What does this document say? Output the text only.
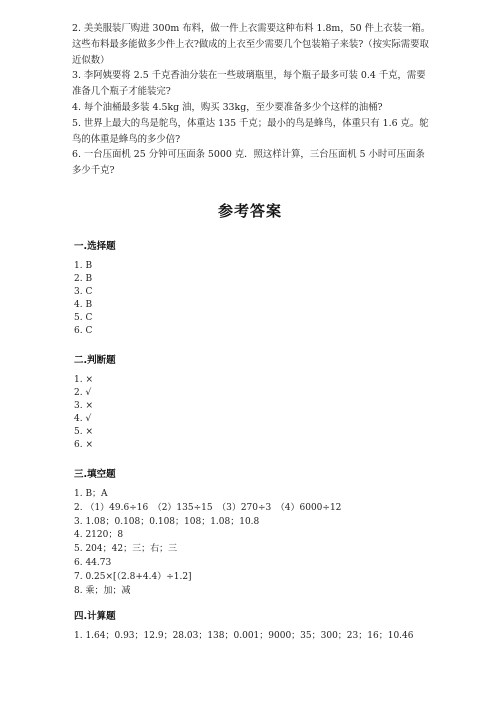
2. 美美服装厂购进 300m 布料，做一件上衣需要这种布料 1.8m，50 件上衣装一箱。这些布料最多能做多少件上衣?做成的上衣至少需要几个包装箱子来装?（按实际需要取近似数）

3. 李阿姨要将 2.5 千克香油分装在一些玻璃瓶里，每个瓶子最多可装 0.4 千克，需要准备几个瓶子才能装完?

4. 每个油桶最多装 4.5kg 油，购买 33kg，至少要准备多少个这样的油桶?

5. 世界上最大的鸟是鸵鸟，体重达 135 千克；最小的鸟是蜂鸟，体重只有 1.6 克。鸵鸟的体重是蜂鸟的多少倍?

6. 一台压面机 25 分钟可压面条 5000 克．照这样计算，三台压面机 5 小时可压面条多少千克?

参考答案
一.选择题
1. B
2. B
3. C
4. B
5. C
6. C
二.判断题
1. ×
2. √
3. ×
4. √
5. ×
6. ×
三.填空题
1. B；A
2. （1）49.6÷16　（2）135÷15　（3）270÷3　（4）6000÷12
3. 1.08；0.108；0.108；108；1.08；10.8
4. 2120；8
5. 204；42；三；右；三
6. 44.73
7. 0.25×[（2.8+4.4）÷1.2]
8. 乘；加；减
四.计算题
1. 1.64；0.93；12.9；28.03；138；0.001；9000；35；300；23；16；10.46
